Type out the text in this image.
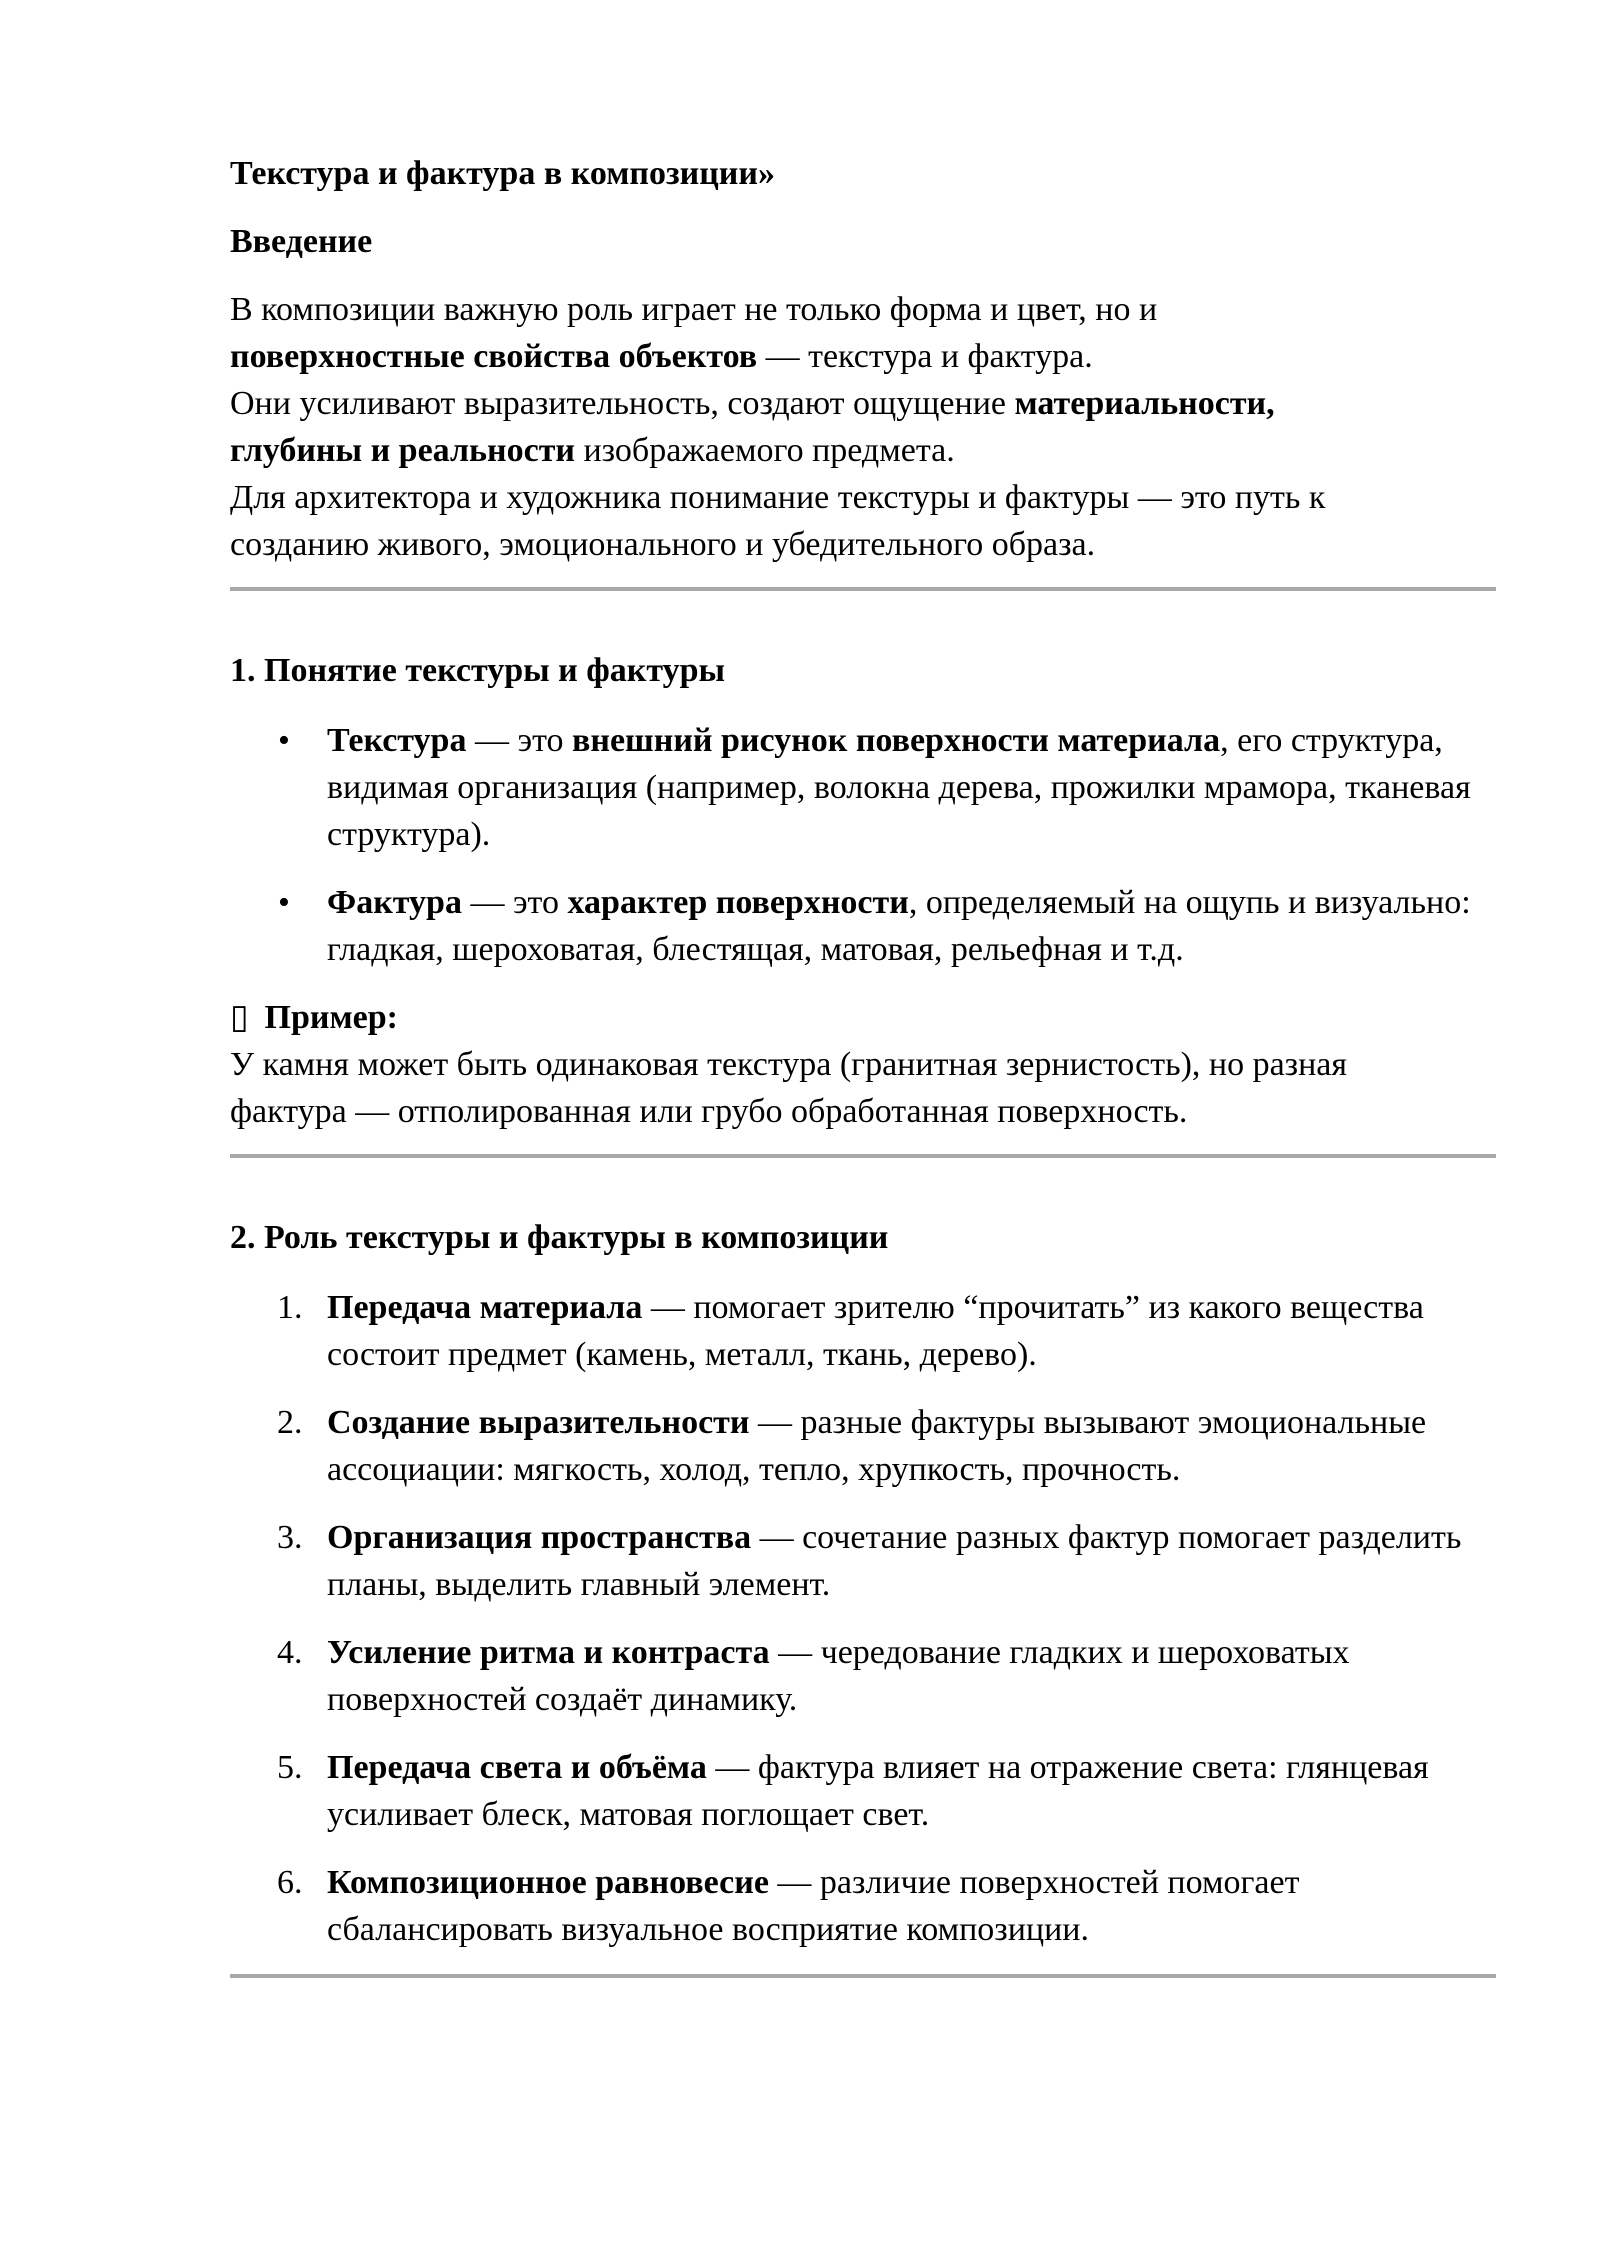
Текстура и фактура в композиции»
Введение
В композиции важную роль играет не только форма и цвет, но и
поверхностные свойства объектов — текстура и фактура.
Они усиливают выразительность, создают ощущение материальности,
глубины и реальности изображаемого предмета.
Для архитектора и художника понимание текстуры и фактуры — это путь к
созданию живого, эмоционального и убедительного образа.
1. Понятие текстуры и фактуры
• Текстура — это внешний рисунок поверхности материала, его структура, видимая организация (например, волокна дерева, прожилки мрамора, тканевая структура).
• Фактура — это характер поверхности, определяемый на ощупь и визуально: гладкая, шероховатая, блестящая, матовая, рельефная и т.д.

▯ Пример:

У камня может быть одинаковая текстура (гранитная зернистость), но разная
фактура — отполированная или грубо обработанная поверхность.

2. Роль текстуры и фактуры в композиции
1. Передача материала — помогает зрителю “прочитать” из какого вещества состоит предмет (камень, металл, ткань, дерево).
2. Создание выразительности — разные фактуры вызывают эмоциональные ассоциации: мягкость, холод, тепло, хрупкость, прочность.
3. Организация пространства — сочетание разных фактур помогает разделить планы, выделить главный элемент.
4. Усиление ритма и контраста — чередование гладких и шероховатых поверхностей создаёт динамику.
5. Передача света и объёма — фактура влияет на отражение света: глянцевая усиливает блеск, матовая поглощает свет.
6. Композиционное равновесие — различие поверхностей помогает сбалансировать визуальное восприятие композиции.
